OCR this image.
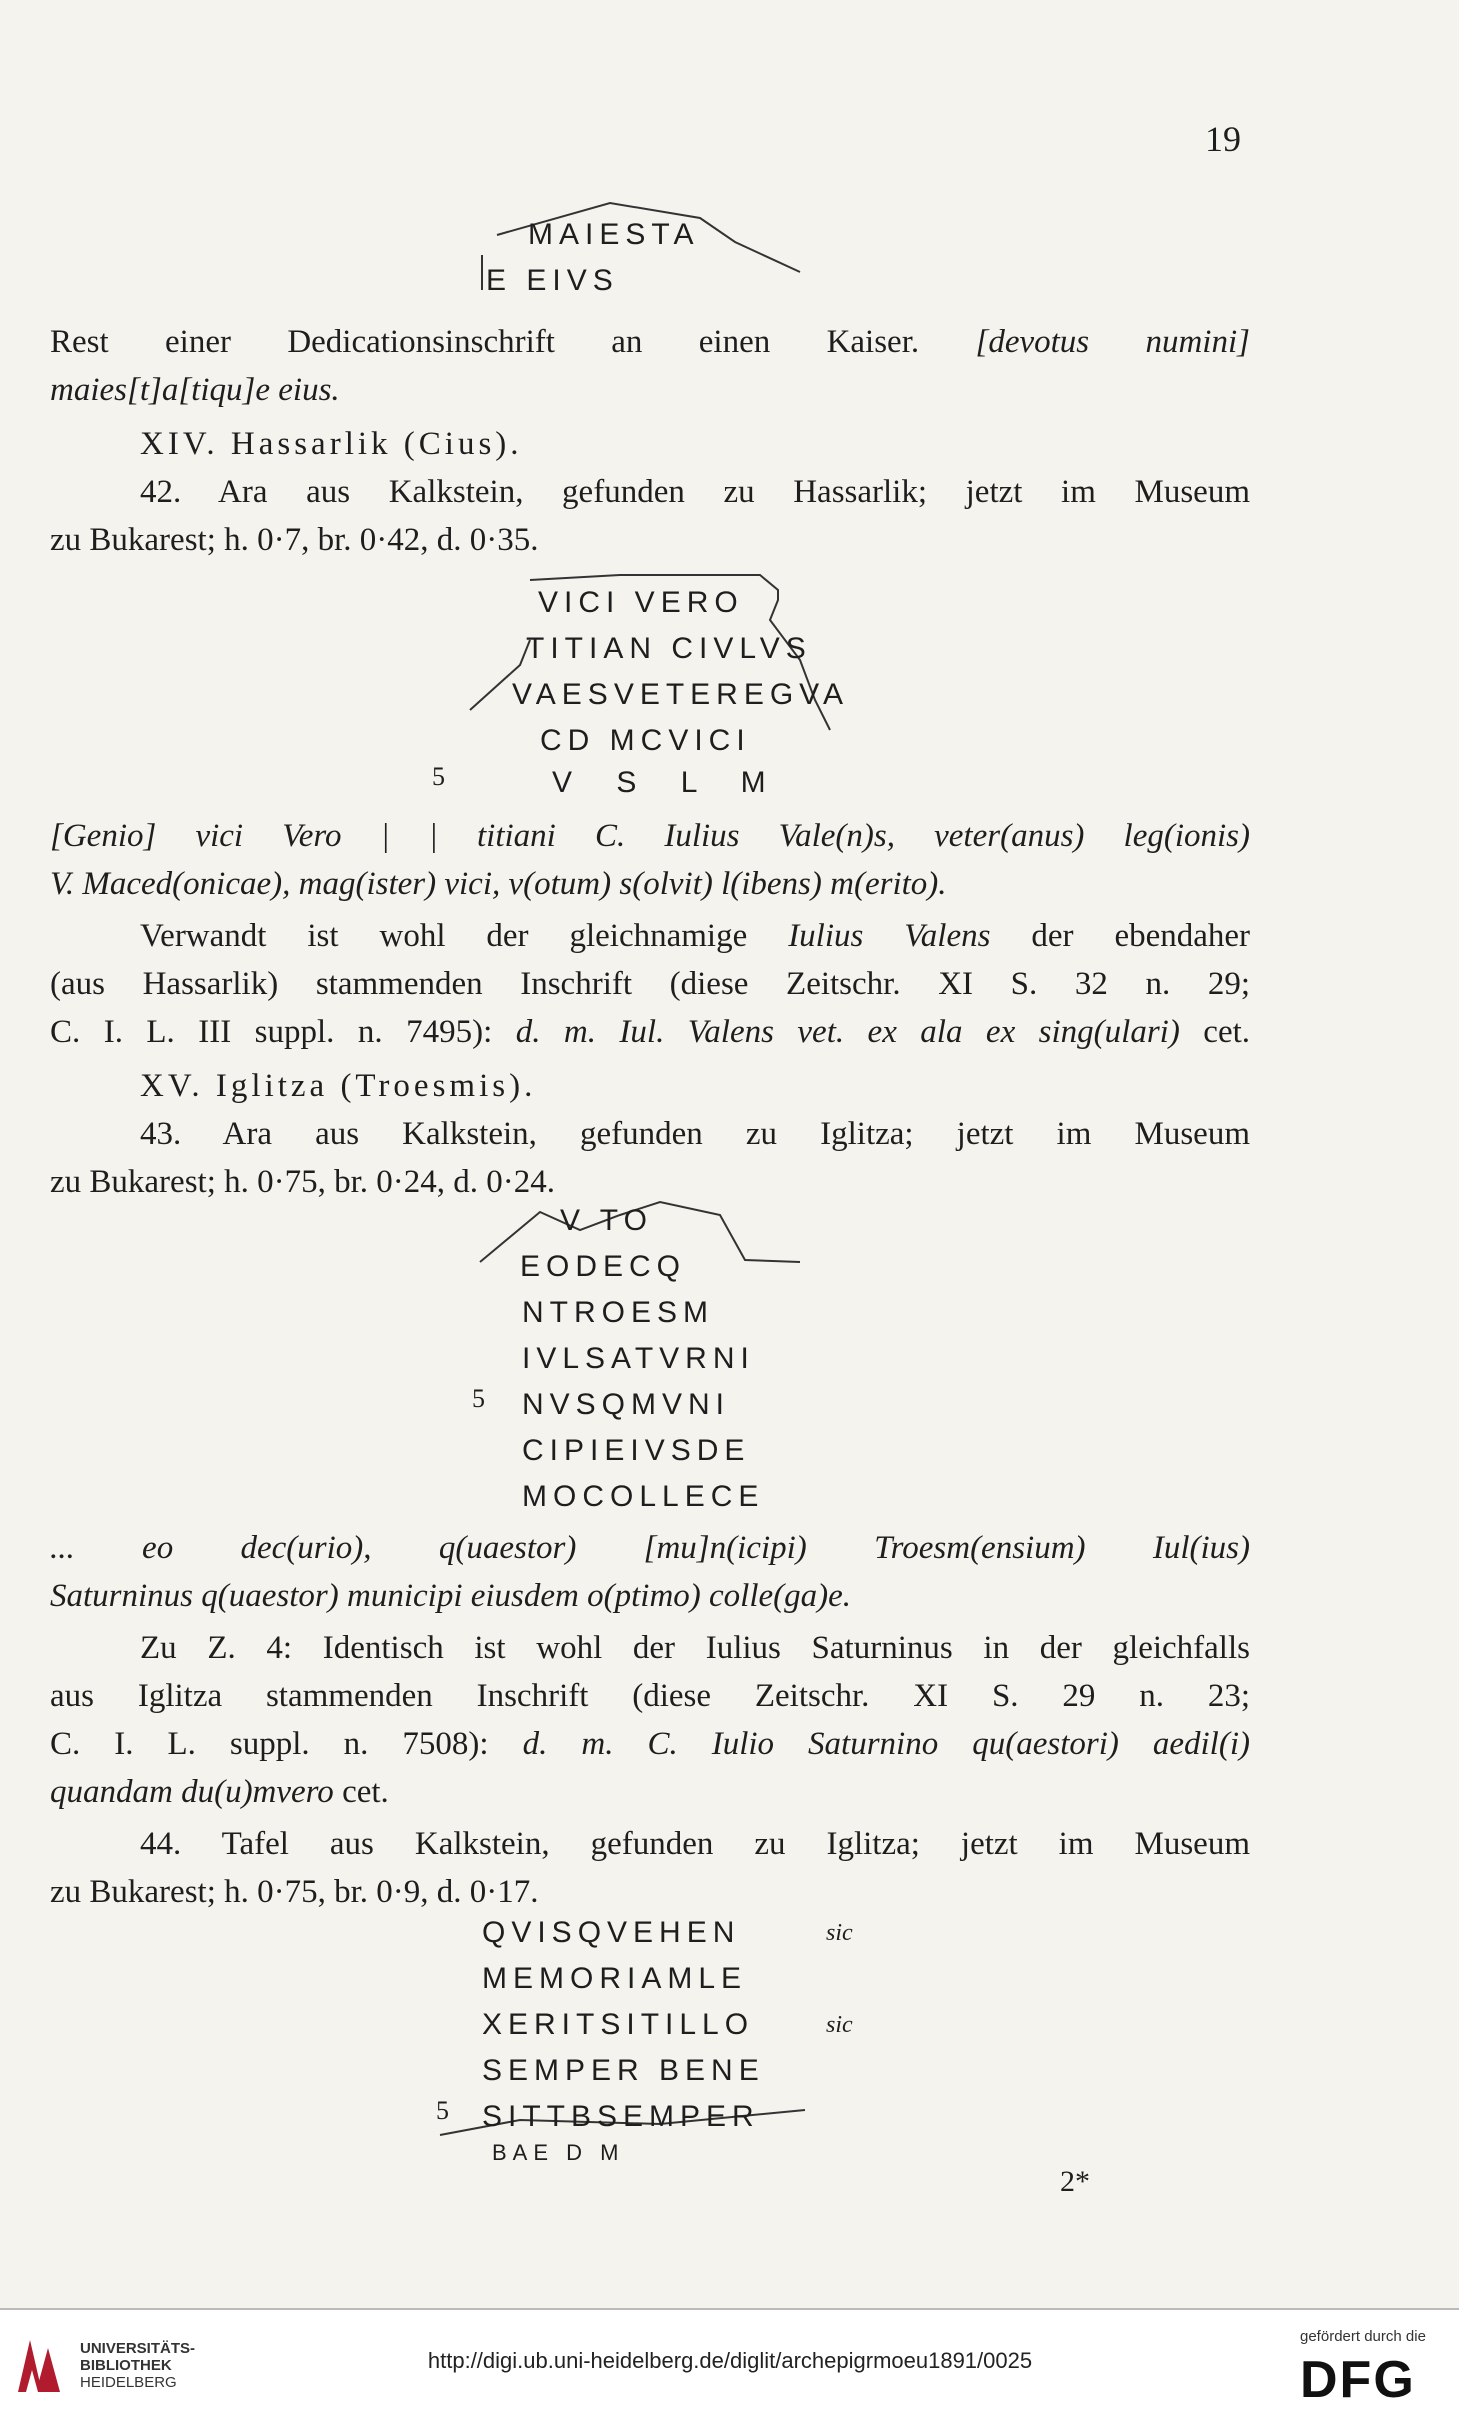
19
MAIESTA
E EIVS
Rest einer Dedicationsinschrift an einen Kaiser. [devotus numini]
maies[t]a[tiqu]e eius.
XIV. Hassarlik (Cius).
42. Ara aus Kalkstein, gefunden zu Hassarlik; jetzt im Museum
zu Bukarest; h. 0·7, br. 0·42, d. 0·35.
VICI VERO
TITIAN CIVLVS
VAESVETEREGVA
CD MCVICI
5	V S L M
[Genio] vici Vero | | titiani C. Iulius Vale(n)s, veter(anus) leg(ionis)
V. Maced(onicae), mag(ister) vici, v(otum) s(olvit) l(ibens) m(erito).
Verwandt ist wohl der gleichnamige Iulius Valens der ebendaher
(aus Hassarlik) stammenden Inschrift (diese Zeitschr. XI S. 32 n. 29;
C. I. L. III suppl. n. 7495): d. m. Iul. Valens vet. ex ala ex sing(ulari) cet.
XV. Iglitza (Troesmis).
43. Ara aus Kalkstein, gefunden zu Iglitza; jetzt im Museum
zu Bukarest; h. 0·75, br. 0·24, d. 0·24.
V TO
EODECQ
NTROESM
IVLSATVRNI
5 NVSQMVNI
CIPIEIVSDE
MOCOLLECE
... eo dec(urio), q(uaestor) [mu]n(icipi) Troesm(ensium) Iul(ius)
Saturninus q(uaestor) municipi eiusdem o(ptimo) colle(ga)e.
Zu Z. 4: Identisch ist wohl der Iulius Saturninus in der gleichfalls
aus Iglitza stammenden Inschrift (diese Zeitschr. XI S. 29 n. 23;
C. I. L. suppl. n. 7508): d. m. C. Iulio Saturnino qu(aestori) aedil(i)
quandam du(u)mvero cet.
44. Tafel aus Kalkstein, gefunden zu Iglitza; jetzt im Museum
zu Bukarest; h. 0·75, br. 0·9, d. 0·17.
QVISQVEHEN	sic
MEMORIAMLE
XERITSITILLO	sic
SEMPER BENE
5 SITTBSEMPER
BAE D M
2*
UNIVERSITÄTS-
BIBLIOTHEK
HEIDELBERG
http://digi.ub.uni-heidelberg.de/diglit/archepigrmoeu1891/0025
gefördert durch die
DFG
